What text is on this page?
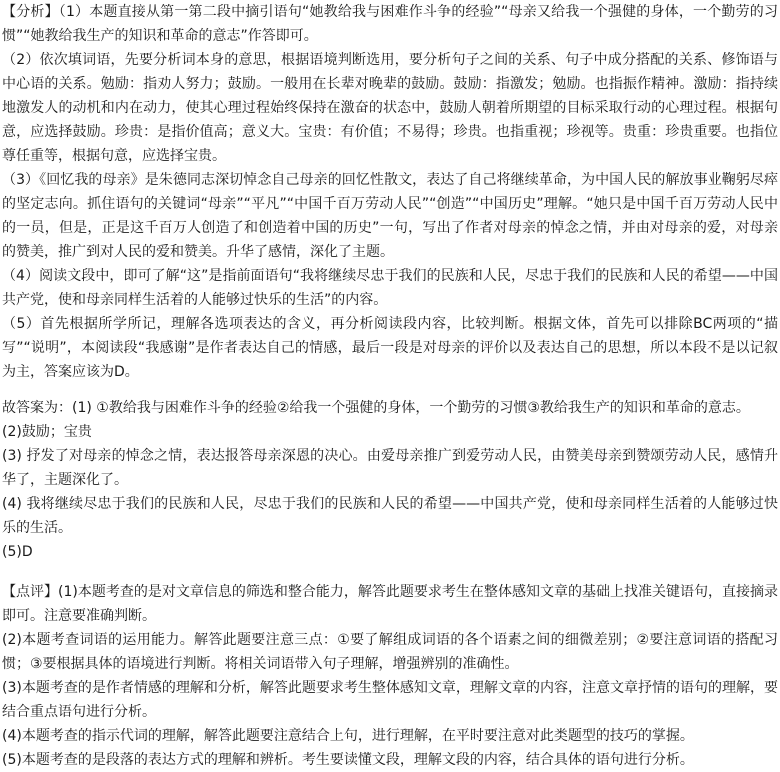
【分析】（1）本题直接从第一第二段中摘引语句“她教给我与困难作斗争的经验”“母亲又给我一个强健的身体，一个勤劳的习惯”“她教给我生产的知识和革命的意志”作答即可。

（2）依次填词语，先要分析词本身的意思，根据语境判断选用，要分析句子之间的关系、句子中成分搭配的关系、修饰语与中心语的关系。勉励：指劝人努力；鼓励。一般用在长辈对晚辈的鼓励。鼓励：指激发；勉励。也指振作精神。激励：指持续地激发人的动机和内在动力，使其心理过程始终保持在激奋的状态中，鼓励人朝着所期望的目标采取行动的心理过程。根据句意，应选择鼓励。珍贵：是指价值高；意义大。宝贵：有价值；不易得；珍贵。也指重视；珍视等。贵重：珍贵重要。也指位尊任重等，根据句意，应选择宝贵。

（3）《回忆我的母亲》是朱德同志深切悼念自己母亲的回忆性散文，表达了自己将继续革命，为中国人民的解放事业鞠躬尽瘁的坚定志向。抓住语句的关键词“母亲”“平凡”“中国千百万劳动人民”“创造”“中国历史”理解。“她只是中国千百万劳动人民中的一员，但是，正是这千百万人创造了和创造着中国的历史”一句，写出了作者对母亲的悼念之情，并由对母亲的爱，对母亲的赞美，推广到对人民的爱和赞美。升华了感情，深化了主题。

（4）阅读文段中，即可了解“这”是指前面语句“我将继续尽忠于我们的民族和人民，尽忠于我们的民族和人民的希望——中国共产党，使和母亲同样生活着的人能够过快乐的生活”的内容。

（5）首先根据所学所记，理解各选项表达的含义，再分析阅读段内容，比较判断。根据文体，首先可以排除BC两项的“描写”“说明”，本阅读段“我感谢”是作者表达自己的情感，最后一段是对母亲的评价以及表达自己的思想，所以本段不是以记叙为主，答案应该为D。

故答案为：(1) ①教给我与困难作斗争的经验②给我一个强健的身体，一个勤劳的习惯③教给我生产的知识和革命的意志。

(2)鼓励；宝贵

(3) 抒发了对母亲的悼念之情，表达报答母亲深恩的决心。由爱母亲推广到爱劳动人民，由赞美母亲到赞颂劳动人民，感情升华了，主题深化了。

(4) 我将继续尽忠于我们的民族和人民，尽忠于我们的民族和人民的希望——中国共产党，使和母亲同样生活着的人能够过快乐的生活。

(5)D

【点评】(1)本题考查的是对文章信息的筛选和整合能力，解答此题要求考生在整体感知文章的基础上找准关键语句，直接摘录即可。注意要准确判断。

(2)本题考查词语的运用能力。解答此题要注意三点：①要了解组成词语的各个语素之间的细微差别；②要注意词语的搭配习惯；③要根据具体的语境进行判断。将相关词语带入句子理解，增强辨别的准确性。

(3)本题考查的是作者情感的理解和分析，解答此题要求考生整体感知文章，理解文章的内容，注意文章抒情的语句的理解，要结合重点语句进行分析。

(4)本题考查的指示代词的理解，解答此题要注意结合上句，进行理解，在平时要注意对此类题型的技巧的掌握。

(5)本题考查的是段落的表达方式的理解和辨析。考生要读懂文段，理解文段的内容，结合具体的语句进行分析。
